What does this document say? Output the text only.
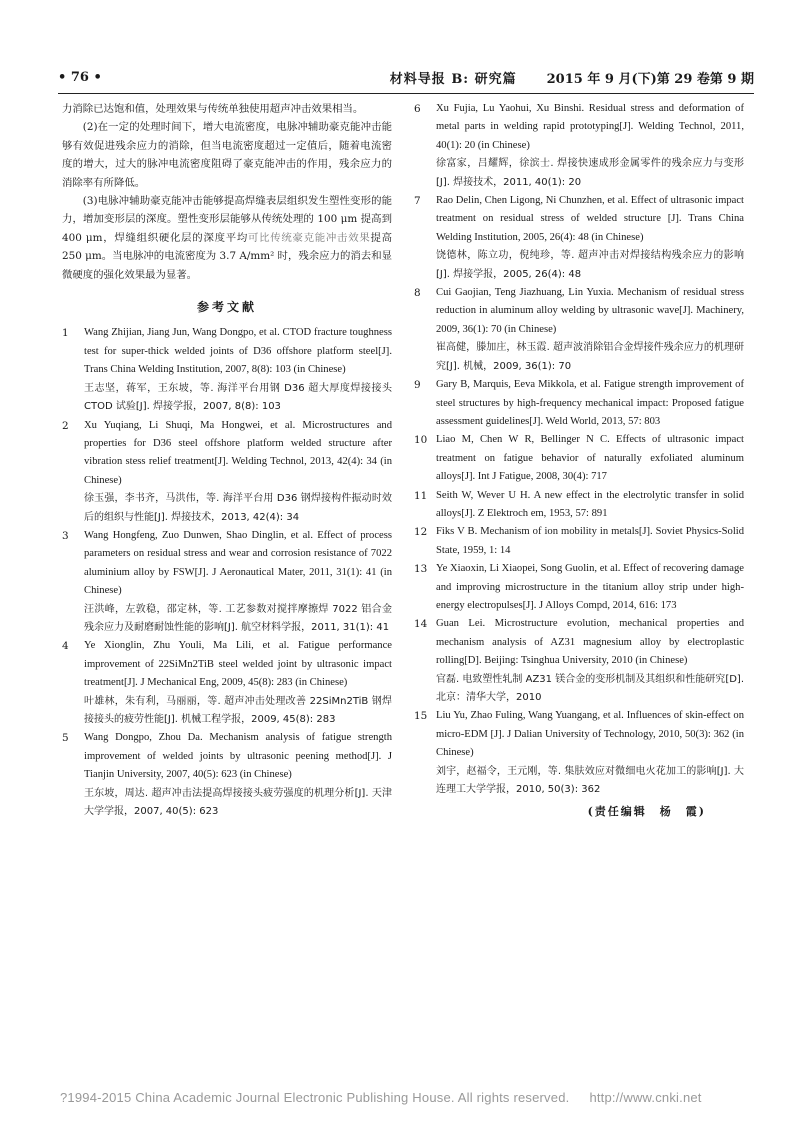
• 76 •	材料导报 B: 研究篇 2015 年 9 月(下)第 29 卷第 9 期

力消除已达饱和值，处理效果与传统单独使用超声冲击效果相当。

(2)在一定的处理时间下，增大电流密度，电脉冲辅助豪克能冲击能够有效促进残余应力的消除，但当电流密度超过一定值后，随着电流密度的增大，过大的脉冲电流密度阻碍了豪克能冲击的作用，残余应力的消除率有所降低。

(3)电脉冲辅助豪克能冲击能够提高焊缝表层组织发生塑性变形的能力，增加变形层的深度。塑性变形层能够从传统处理的 100 μm 提高到 400 μm，焊缝组织硬化层的深度平均可比传统豪克能冲击效果提高 250 μm。当电脉冲的电流密度为 3.7 A/mm² 时，残余应力的消去和显微硬度的强化效果最为显著。

参考文献
1	Wang Zhijian, Jiang Jun, Wang Dongpo, et al. CTOD fracture toughness test for super-thick welded joints of D36 offshore platform steel[J]. Trans China Welding Institution, 2007, 8(8): 103 (in Chinese)
王志坚，蒋军，王东坡，等. 海洋平台用钢 D36 超大厚度焊接接头 CTOD 试验[J]. 焊接学报，2007, 8(8): 103
2	Xu Yuqiang, Li Shuqi, Ma Hongwei, et al. Microstructures and properties for D36 steel offshore platform welded structure after vibration stess relief treatment[J]. Welding Technol, 2013, 42(4): 34 (in Chinese)
徐玉强，李书齐，马洪伟，等. 海洋平台用 D36 钢焊接构件振动时效后的组织与性能[J]. 焊接技术，2013, 42(4): 34
3	Wang Hongfeng, Zuo Dunwen, Shao Dinglin, et al. Effect of process parameters on residual stress and wear and corrosion resistance of 7022 aluminium alloy by FSW[J]. J Aeronautical Mater, 2011, 31(1): 41 (in Chinese)
汪洪峰，左敦稳，邵定林，等. 工艺参数对搅拌摩擦焊 7022 铝合金残余应力及耐磨耐蚀性能的影响[J]. 航空材料学报，2011, 31(1): 41
4	Ye Xionglin, Zhu Youli, Ma Lili, et al. Fatigue performance improvement of 22SiMn2TiB steel welded joint by ultrasonic impact treatment[J]. J Mechanical Eng, 2009, 45(8): 283 (in Chinese)
叶雄林，朱有利，马丽丽，等. 超声冲击处理改善 22SiMn2TiB 钢焊接接头的疲劳性能[J]. 机械工程学报，2009, 45(8): 283
5	Wang Dongpo, Zhou Da. Mechanism analysis of fatigue strength improvement of welded joints by ultrasonic peening method[J]. J Tianjin University, 2007, 40(5): 623 (in Chinese)
王东坡，周达. 超声冲击法提高焊接接头疲劳强度的机理分析[J]. 天津大学学报，2007, 40(5): 623
6	Xu Fujia, Lu Yaohui, Xu Binshi. Residual stress and deformation of metal parts in welding rapid prototyping[J]. Welding Technol, 2011, 40(1): 20 (in Chinese)
徐富家，吕耀辉，徐滨士. 焊接快速成形金属零件的残余应力与变形[J]. 焊接技术，2011, 40(1): 20
7	Rao Delin, Chen Ligong, Ni Chunzhen, et al. Effect of ultrasonic impact treatment on residual stress of welded structure [J]. Trans China Welding Institution, 2005, 26(4): 48 (in Chinese)
饶德林，陈立功，倪纯珍，等. 超声冲击对焊接结构残余应力的影响[J]. 焊接学报，2005, 26(4): 48
8	Cui Gaojian, Teng Jiazhuang, Lin Yuxia. Mechanism of residual stress reduction in aluminum alloy welding by ultrasonic wave[J]. Machinery, 2009, 36(1): 70 (in Chinese)
崔高健，滕加庄，林玉霞. 超声波消除铝合金焊接件残余应力的机理研究[J]. 机械，2009, 36(1): 70
9	Gary B, Marquis, Eeva Mikkola, et al. Fatigue strength improvement of steel structures by high-frequency mechanical impact: Proposed fatigue assessment guidelines[J]. Weld World, 2013, 57: 803
10 Liao M, Chen W R, Bellinger N C. Effects of ultrasonic impact treatment on fatigue behavior of naturally exfoliated aluminum alloys[J]. Int J Fatigue, 2008, 30(4): 717
11 Seith W, Wever U H. A new effect in the electrolytic transfer in solid alloys[J]. Z Elektroch em, 1953, 57: 891
12 Fiks V B. Mechanism of ion mobility in metals[J]. Soviet Physics-Solid State, 1959, 1: 14
13 Ye Xiaoxin, Li Xiaopei, Song Guolin, et al. Effect of recovering damage and improving microstructure in the titanium alloy strip under high-energy electropulses[J]. J Alloys Compd, 2014, 616: 173
14 Guan Lei. Microstructure evolution, mechanical properties and mechanism analysis of AZ31 magnesium alloy by electroplastic rolling[D]. Beijing: Tsinghua University, 2010 (in Chinese)
官磊. 电致塑性轧制 AZ31 镁合金的变形机制及其组织和性能研究[D]. 北京：清华大学，2010
15 Liu Yu, Zhao Fuling, Wang Yuangang, et al. Influences of skin-effect on micro-EDM [J]. J Dalian University of Technology, 2010, 50(3): 362 (in Chinese)
刘宇，赵福令，王元刚，等. 集肤效应对微细电火花加工的影响[J]. 大连理工大学学报，2010, 50(3): 362
(责任编辑　杨　霞)
?1994-2015 China Academic Journal Electronic Publishing House. All rights reserved. http://www.cnki.net
